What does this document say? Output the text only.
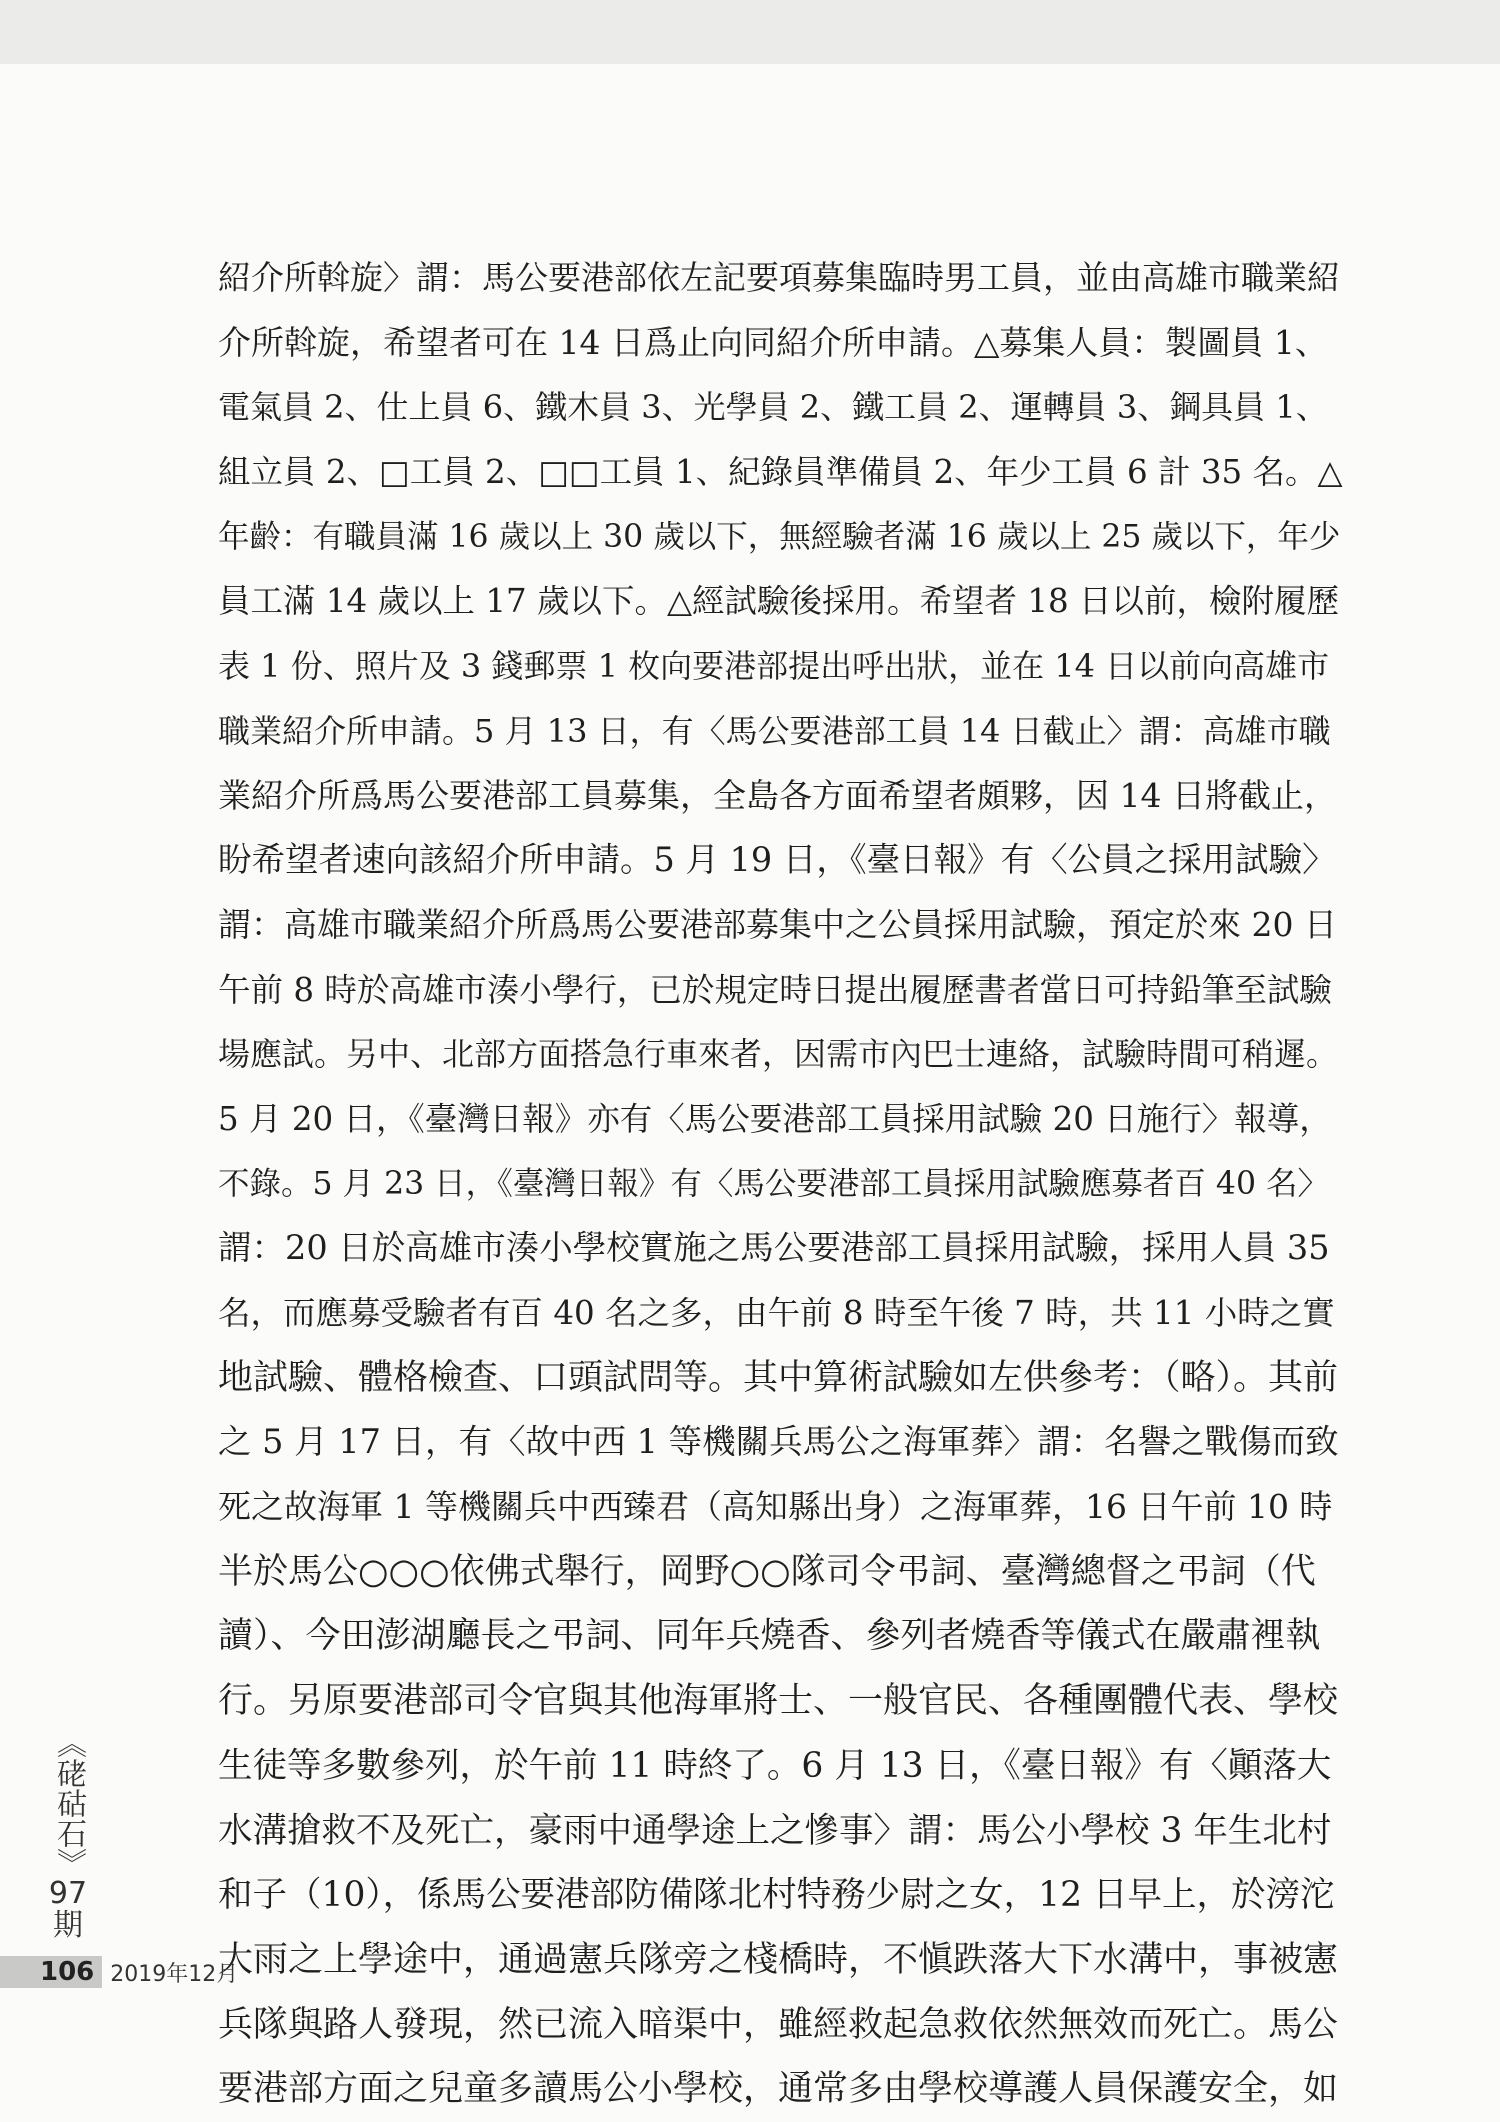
紹介所斡旋〉謂：馬公要港部依左記要項募集臨時男工員，並由高雄市職業紹
介所斡旋，希望者可在 14 日爲止向同紹介所申請。△募集人員：製圖員 1、
電氣員 2、仕上員 6、鐵木員 3、光學員 2、鐵工員 2、運轉員 3、鋼具員 1、
組立員 2、□工員 2、□□工員 1、紀錄員準備員 2、年少工員 6 計 35 名。△
年齡：有職員滿 16 歲以上 30 歲以下，無經驗者滿 16 歲以上 25 歲以下，年少
員工滿 14 歲以上 17 歲以下。△經試驗後採用。希望者 18 日以前，檢附履歷
表 1 份、照片及 3 錢郵票 1 枚向要港部提出呼出狀，並在 14 日以前向高雄市
職業紹介所申請。5 月 13 日，有〈馬公要港部工員 14 日截止〉謂：高雄市職
業紹介所爲馬公要港部工員募集，全島各方面希望者頗夥，因 14 日將截止，
盼希望者速向該紹介所申請。5 月 19 日，《臺日報》有〈公員之採用試驗〉
謂：高雄市職業紹介所爲馬公要港部募集中之公員採用試驗，預定於來 20 日
午前 8 時於高雄市湊小學行，已於規定時日提出履歷書者當日可持鉛筆至試驗
場應試。另中、北部方面搭急行車來者，因需市內巴士連絡，試驗時間可稍遲。
5 月 20 日，《臺灣日報》亦有〈馬公要港部工員採用試驗 20 日施行〉報導，
不錄。5 月 23 日，《臺灣日報》有〈馬公要港部工員採用試驗應募者百 40 名〉
謂：20 日於高雄市湊小學校實施之馬公要港部工員採用試驗，採用人員 35
名，而應募受驗者有百 40 名之多，由午前 8 時至午後 7 時，共 11 小時之實
地試驗、體格檢查、口頭試問等。其中算術試驗如左供參考：（略）。其前
之 5 月 17 日，有〈故中西 1 等機關兵馬公之海軍葬〉謂：名譽之戰傷而致
死之故海軍 1 等機關兵中西臻君（高知縣出身）之海軍葬，16 日午前 10 時
半於馬公○○○依佛式舉行，岡野○○隊司令弔詞、臺灣總督之弔詞（代
讀）、今田澎湖廳長之弔詞、同年兵燒香、參列者燒香等儀式在嚴肅裡執
行。另原要港部司令官與其他海軍將士、一般官民、各種團體代表、學校
生徒等多數參列，於午前 11 時終了。6 月 13 日，《臺日報》有〈顚落大
水溝搶救不及死亡，豪雨中通學途上之慘事〉謂：馬公小學校 3 年生北村
和子（10），係馬公要港部防備隊北村特務少尉之女，12 日早上，於滂沱
大雨之上學途中，通過憲兵隊旁之棧橋時，不愼跌落大下水溝中，事被憲
兵隊與路人發現，然已流入暗渠中，雖經救起急救依然無效而死亡。馬公
要港部方面之兒童多讀馬公小學校，通常多由學校導護人員保護安全，如
《硓𥑮石》
97期
106 2019年12月
